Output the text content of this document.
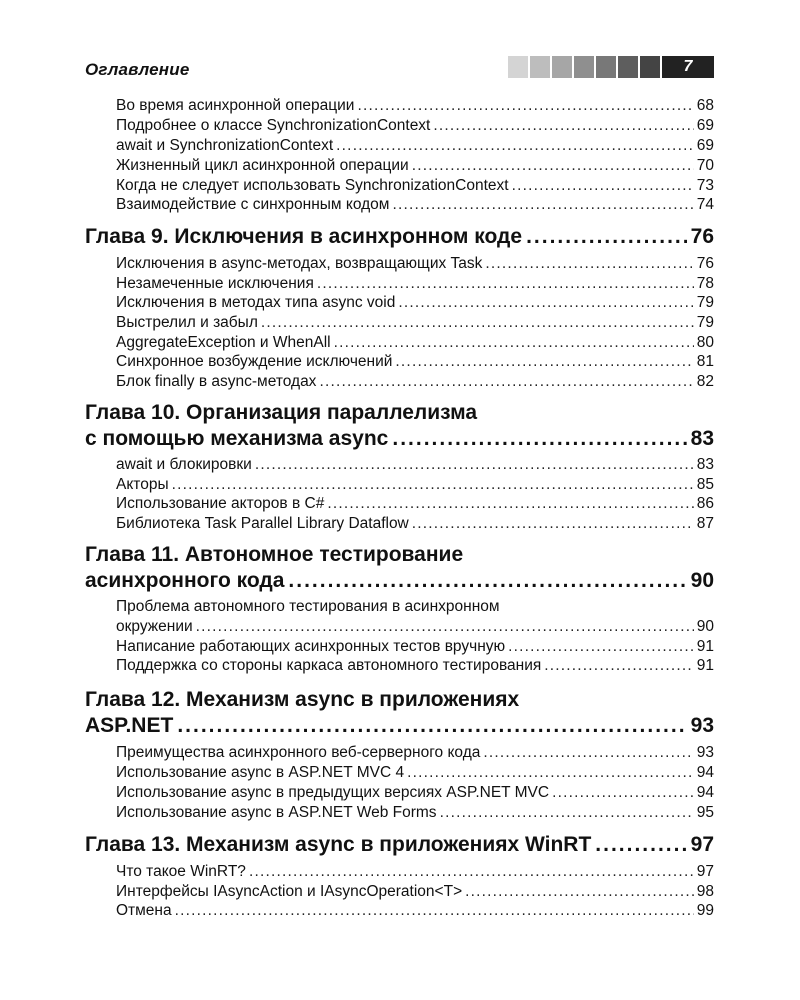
Оглавление	7
Во время асинхронной операции .....	68
Подробнее о классе SynchronizationContext .....	69
await и SynchronizationContext .....	69
Жизненный цикл асинхронной операции .....	70
Когда не следует использовать SynchronizationContext .....	73
Взаимодействие с синхронным кодом .....	74
Глава 9. Исключения в асинхронном коде .....	76
Исключения в async-методах, возвращающих Task .....	76
Незамеченные исключения .....	78
Исключения в методах типа async void .....	79
Выстрелил и забыл .....	79
AggregateException и WhenAll .....	80
Синхронное возбуждение исключений .....	81
Блок finally в async-методах .....	82
Глава 10. Организация параллелизма
с помощью механизма async .....	83
await и блокировки .....	83
Акторы .....	85
Использование акторов в C# .....	86
Библиотека Task Parallel Library Dataflow .....	87
Глава 11. Автономное тестирование
асинхронного кода .....	90
Проблема автономного тестирования в асинхронном
окружении .....	90
Написание работающих асинхронных тестов вручную .....	91
Поддержка со стороны каркаса автономного тестирования .....	91
Глава 12. Механизм async в приложениях
ASP.NET .....	93
Преимущества асинхронного веб-серверного кода .....	93
Использование async в ASP.NET MVC 4 .....	94
Использование async в предыдущих версиях ASP.NET MVC .....	94
Использование async в ASP.NET Web Forms .....	95
Глава 13. Механизм async в приложениях WinRT .....	97
Что такое WinRT? .....	97
Интерфейсы IAsyncAction и IAsyncOperation<T> .....	98
Отмена .....	99
